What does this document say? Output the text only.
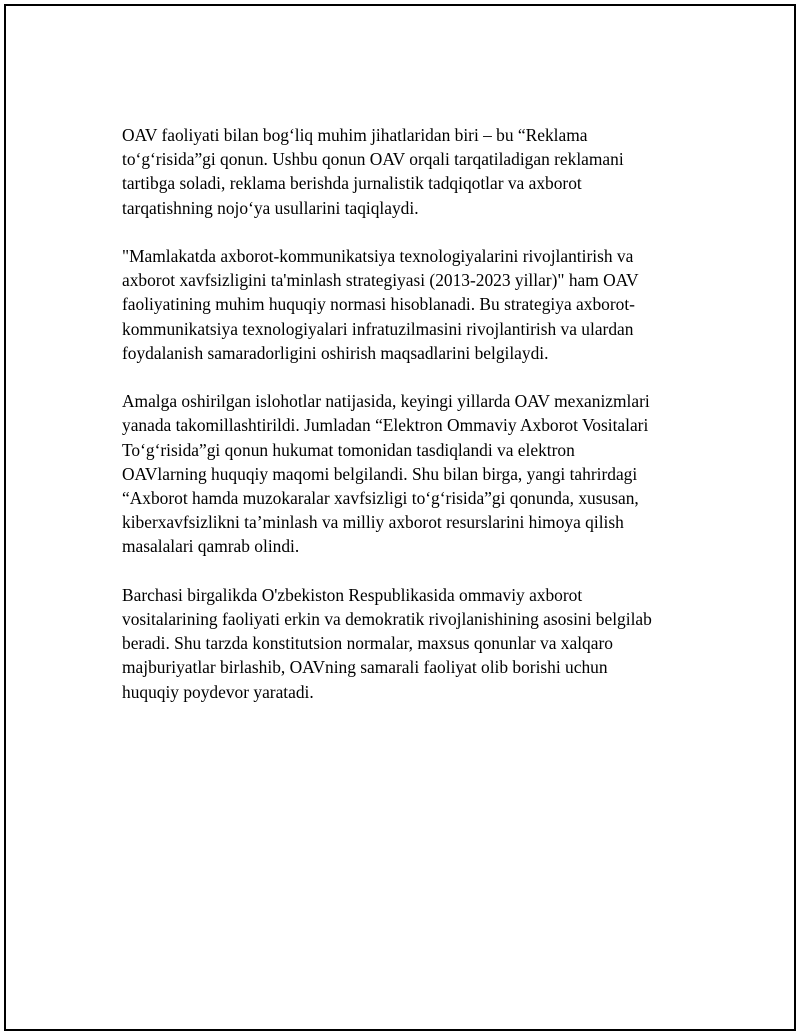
OAV faoliyati bilan bog‘liq muhim jihatlaridan biri – bu “Reklama
to‘g‘risida”gi qonun. Ushbu qonun OAV orqali tarqatiladigan reklamani
tartibga soladi, reklama berishda jurnalistik tadqiqotlar va axborot
tarqatishning nojo‘ya usullarini taqiqlaydi.

"Mamlakatda axborot-kommunikatsiya texnologiyalarini rivojlantirish va
axborot xavfsizligini ta'minlash strategiyasi (2013-2023 yillar)" ham OAV
faoliyatining muhim huquqiy normasi hisoblanadi. Bu strategiya axborot-
kommunikatsiya texnologiyalari infratuzilmasini rivojlantirish va ulardan
foydalanish samaradorligini oshirish maqsadlarini belgilaydi.

Amalga oshirilgan islohotlar natijasida, keyingi yillarda OAV mexanizmlari
yanada takomillashtirildi. Jumladan “Elektron Ommaviy Axborot Vositalari
To‘g‘risida”gi qonun hukumat tomonidan tasdiqlandi va elektron
OAVlarning huquqiy maqomi belgilandi. Shu bilan birga, yangi tahrirdagi
“Axborot hamda muzokaralar xavfsizligi to‘g‘risida”gi qonunda, xususan,
kiberxavfsizlikni ta’minlash va milliy axborot resurslarini himoya qilish
masalalari qamrab olindi.

Barchasi birgalikda O'zbekiston Respublikasida ommaviy axborot
vositalarining faoliyati erkin va demokratik rivojlanishining asosini belgilab
beradi. Shu tarzda konstitutsion normalar, maxsus qonunlar va xalqaro
majburiyatlar birlashib, OAVning samarali faoliyat olib borishi uchun
huquqiy poydevor yaratadi.
